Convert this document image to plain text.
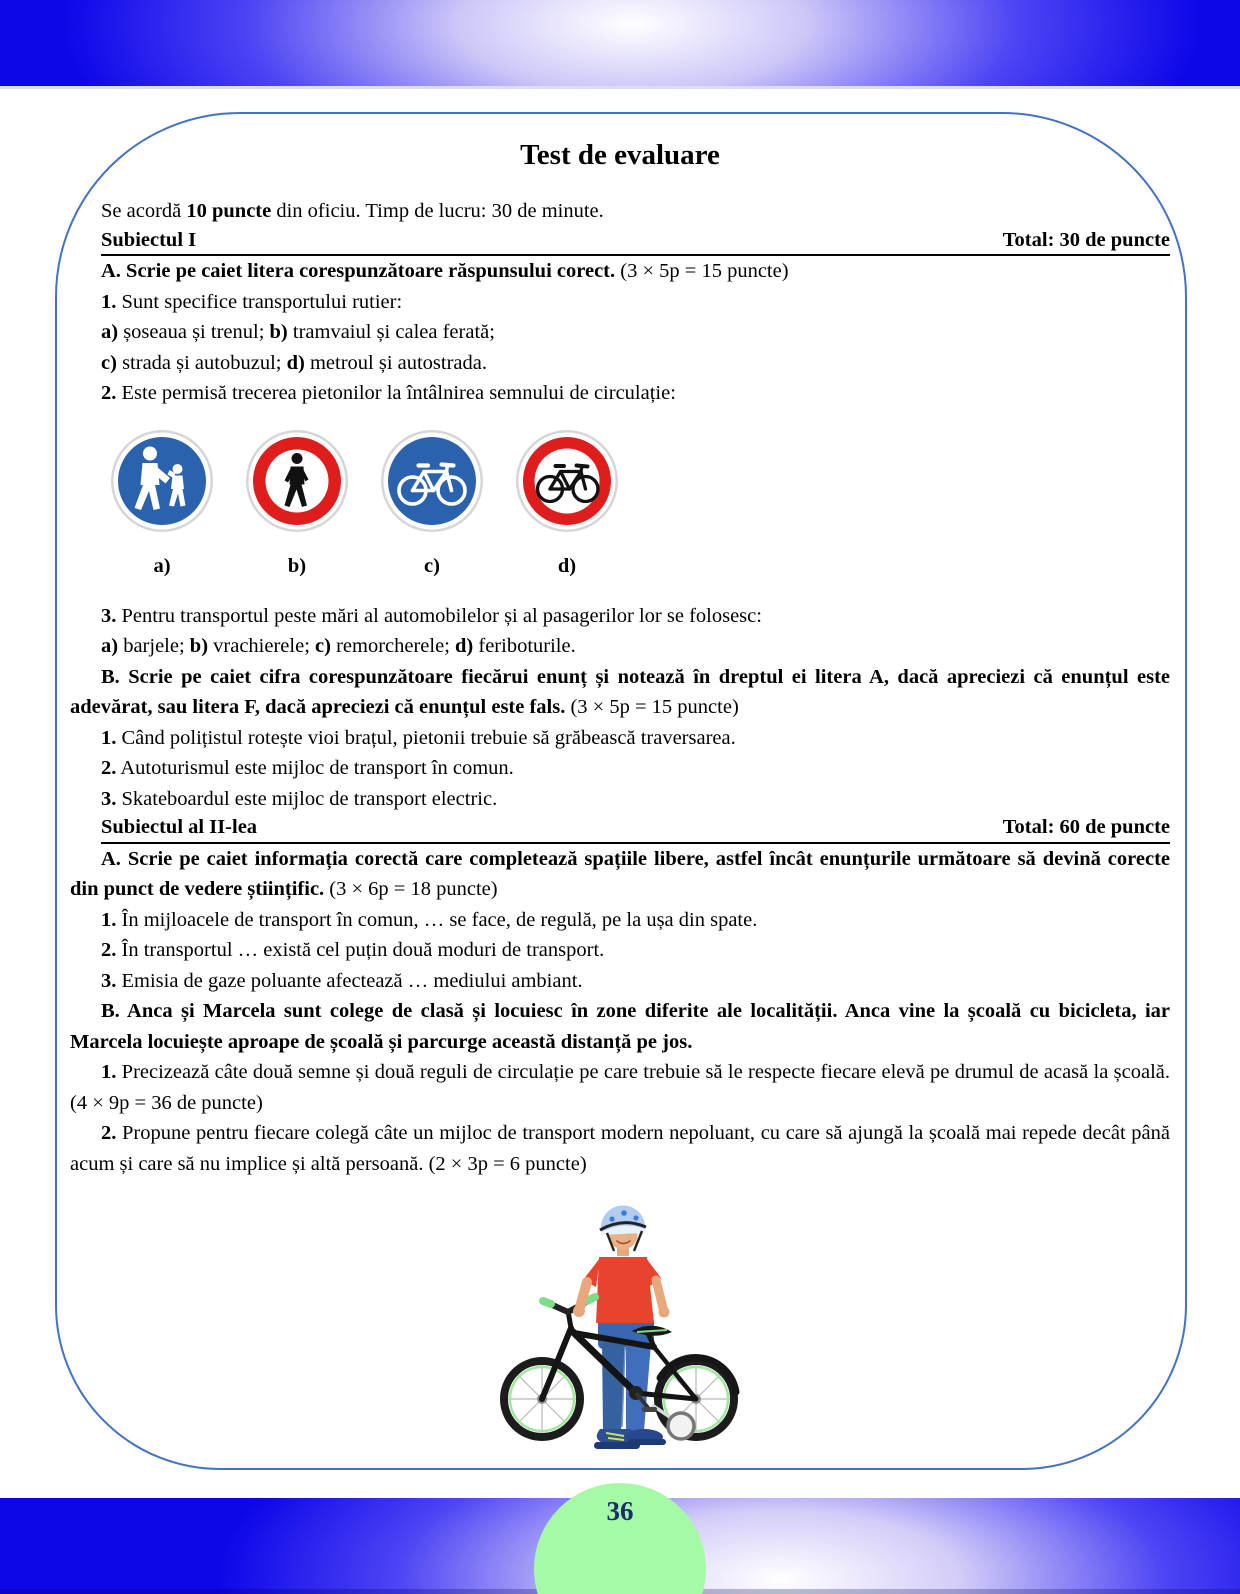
Test de evaluare

Se acordă 10 puncte din oficiu. Timp de lucru: 30 de minute.

Subiectul I	Total: 30 de puncte

A. Scrie pe caiet litera corespunzătoare răspunsului corect. (3 × 5p = 15 puncte)

1. Sunt specifice transportului rutier:

a) șoseaua și trenul; b) tramvaiul și calea ferată;

c) strada și autobuzul; d) metroul și autostrada.

2. Este permisă trecerea pietonilor la întâlnirea semnului de circulație:

a)	b)	c)	d)

3. Pentru transportul peste mări al automobilelor și al pasagerilor lor se folosesc:

a) barjele; b) vrachierele; c) remorcherele; d) feriboturile.

B. Scrie pe caiet cifra corespunzătoare fiecărui enunț și notează în dreptul ei litera A, dacă apreciezi că enunțul este adevărat, sau litera F, dacă apreciezi că enunțul este fals. (3 × 5p = 15 puncte)

1. Când polițistul rotește vioi brațul, pietonii trebuie să grăbească traversarea.

2. Autoturismul este mijloc de transport în comun.

3. Skateboardul este mijloc de transport electric.

Subiectul al II-lea	Total: 60 de puncte

A. Scrie pe caiet informația corectă care completează spațiile libere, astfel încât enunțurile următoare să devină corecte din punct de vedere științific. (3 × 6p = 18 puncte)

1. În mijloacele de transport în comun, … se face, de regulă, pe la ușa din spate.

2. În transportul … există cel puțin două moduri de transport.

3. Emisia de gaze poluante afectează … mediului ambiant.

B. Anca și Marcela sunt colege de clasă și locuiesc în zone diferite ale localității. Anca vine la școală cu bicicleta, iar Marcela locuiește aproape de școală și parcurge această distanță pe jos.

1. Precizează câte două semne și două reguli de circulație pe care trebuie să le respecte fiecare elevă pe drumul de acasă la școală. (4 × 9p = 36 de puncte)

2. Propune pentru fiecare colegă câte un mijloc de transport modern nepoluant, cu care să ajungă la școală mai repede decât până acum și care să nu implice și altă persoană. (2 × 3p = 6 puncte)

36
